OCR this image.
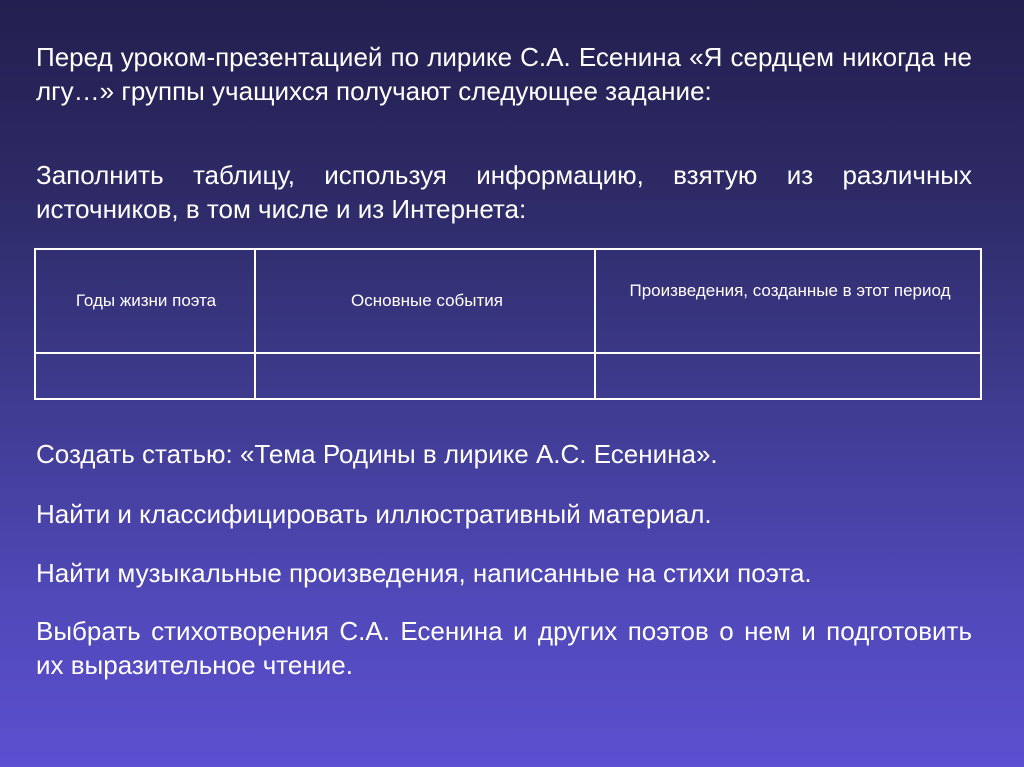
Перед уроком-презентацией по лирике С.А. Есенина «Я сердцем никогда не лгу…» группы учащихся получают следующее задание:

Заполнить таблицу, используя информацию, взятую из различных источников, в том числе и из Интернета:

Годы жизни поэта	Основные события
Произведения, созданные в этот период

Создать статью: «Тема Родины в лирике А.С. Есенина».

Найти и классифицировать иллюстративный материал.

Найти музыкальные произведения, написанные на стихи поэта.

Выбрать стихотворения С.А. Есенина и других поэтов о нем и подготовить их выразительное чтение.
